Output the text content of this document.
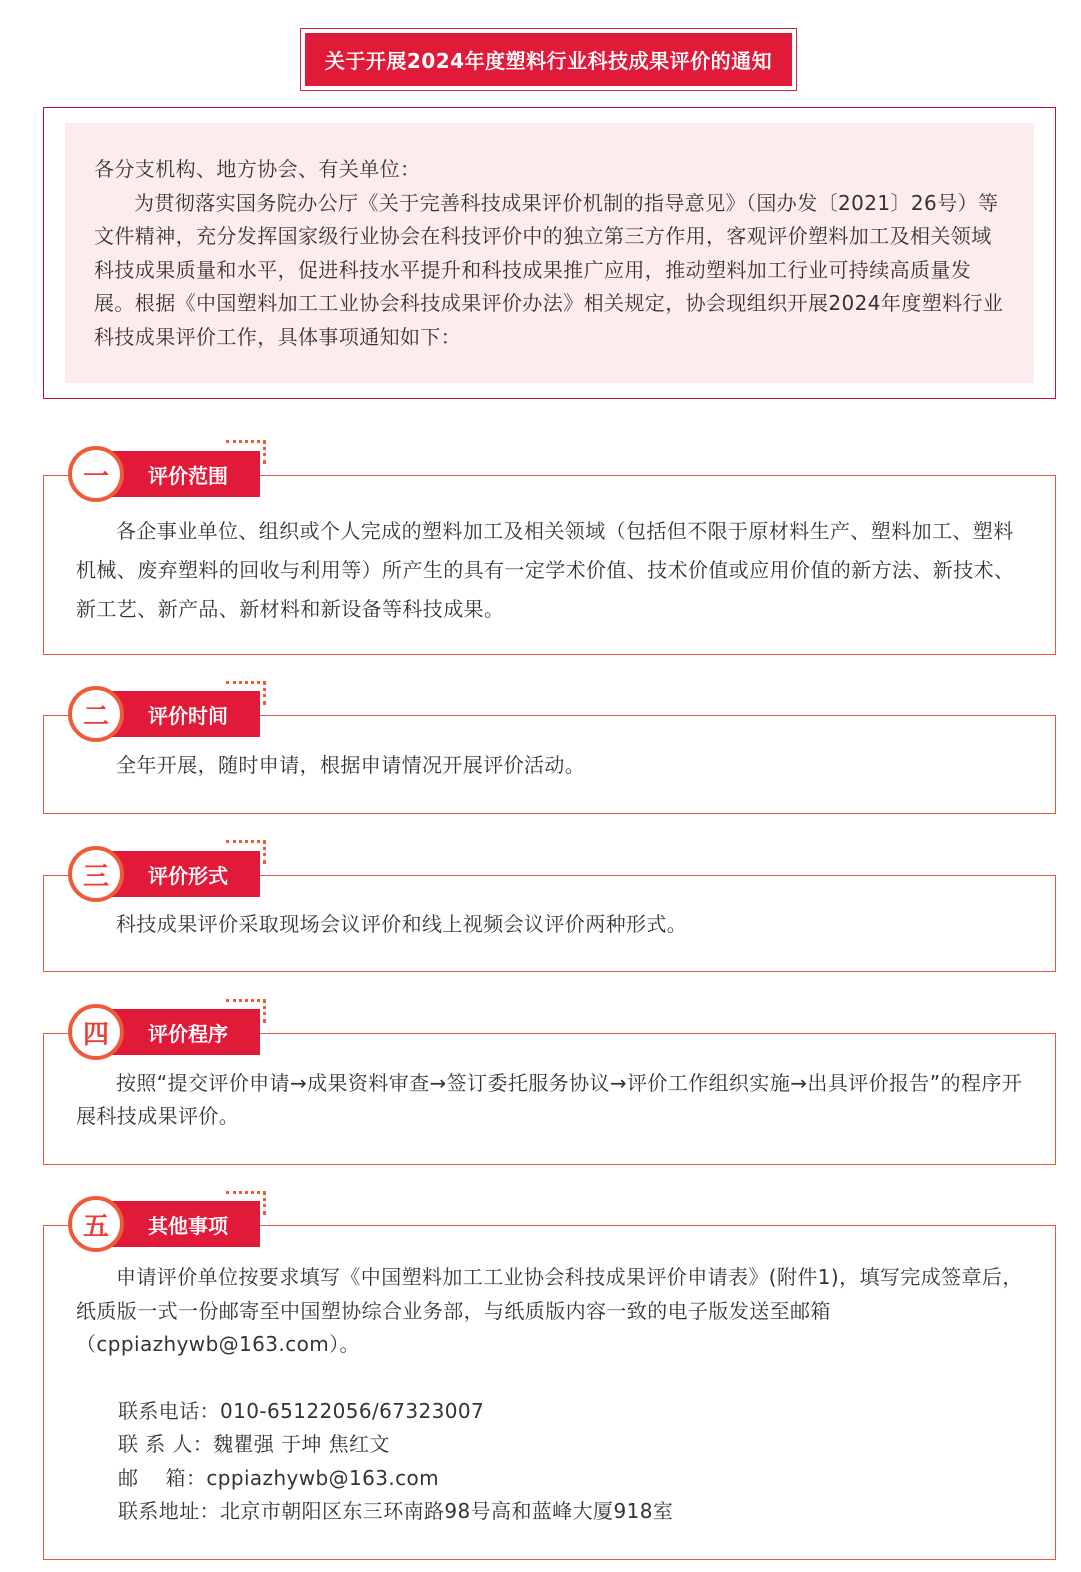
关于开展2024年度塑料行业科技成果评价的通知

各分支机构、地方协会、有关单位：

为贯彻落实国务院办公厅《关于完善科技成果评价机制的指导意见》（国办发〔2021〕26号）等文件精神，充分发挥国家级行业协会在科技评价中的独立第三方作用，客观评价塑料加工及相关领域科技成果质量和水平，促进科技水平提升和科技成果推广应用，推动塑料加工行业可持续高质量发展。根据《中国塑料加工工业协会科技成果评价办法》相关规定，协会现组织开展2024年度塑料行业科技成果评价工作，具体事项通知如下：

各企事业单位、组织或个人完成的塑料加工及相关领域（包括但不限于原材料生产、塑料加工、塑料机械、废弃塑料的回收与利用等）所产生的具有一定学术价值、技术价值或应用价值的新方法、新技术、新工艺、新产品、新材料和新设备等科技成果。

一	评价范围

全年开展，随时申请，根据申请情况开展评价活动。

二	评价时间

科技成果评价采取现场会议评价和线上视频会议评价两种形式。

三	评价形式

按照“提交评价申请→成果资料审查→签订委托服务协议→评价工作组织实施→出具评价报告”的程序开展科技成果评价。

四	评价程序

申请评价单位按要求填写《中国塑料加工工业协会科技成果评价申请表》(附件1)，填写完成签章后，纸质版一式一份邮寄至中国塑协综合业务部，与纸质版内容一致的电子版发送至邮箱（cppiazhywb@163.com）。

联系电话：010-65122056/67323007

联 系 人：魏瞿强 于坤 焦红文

邮　 箱：cppiazhywb@163.com

联系地址：北京市朝阳区东三环南路98号高和蓝峰大厦918室

五	其他事项
